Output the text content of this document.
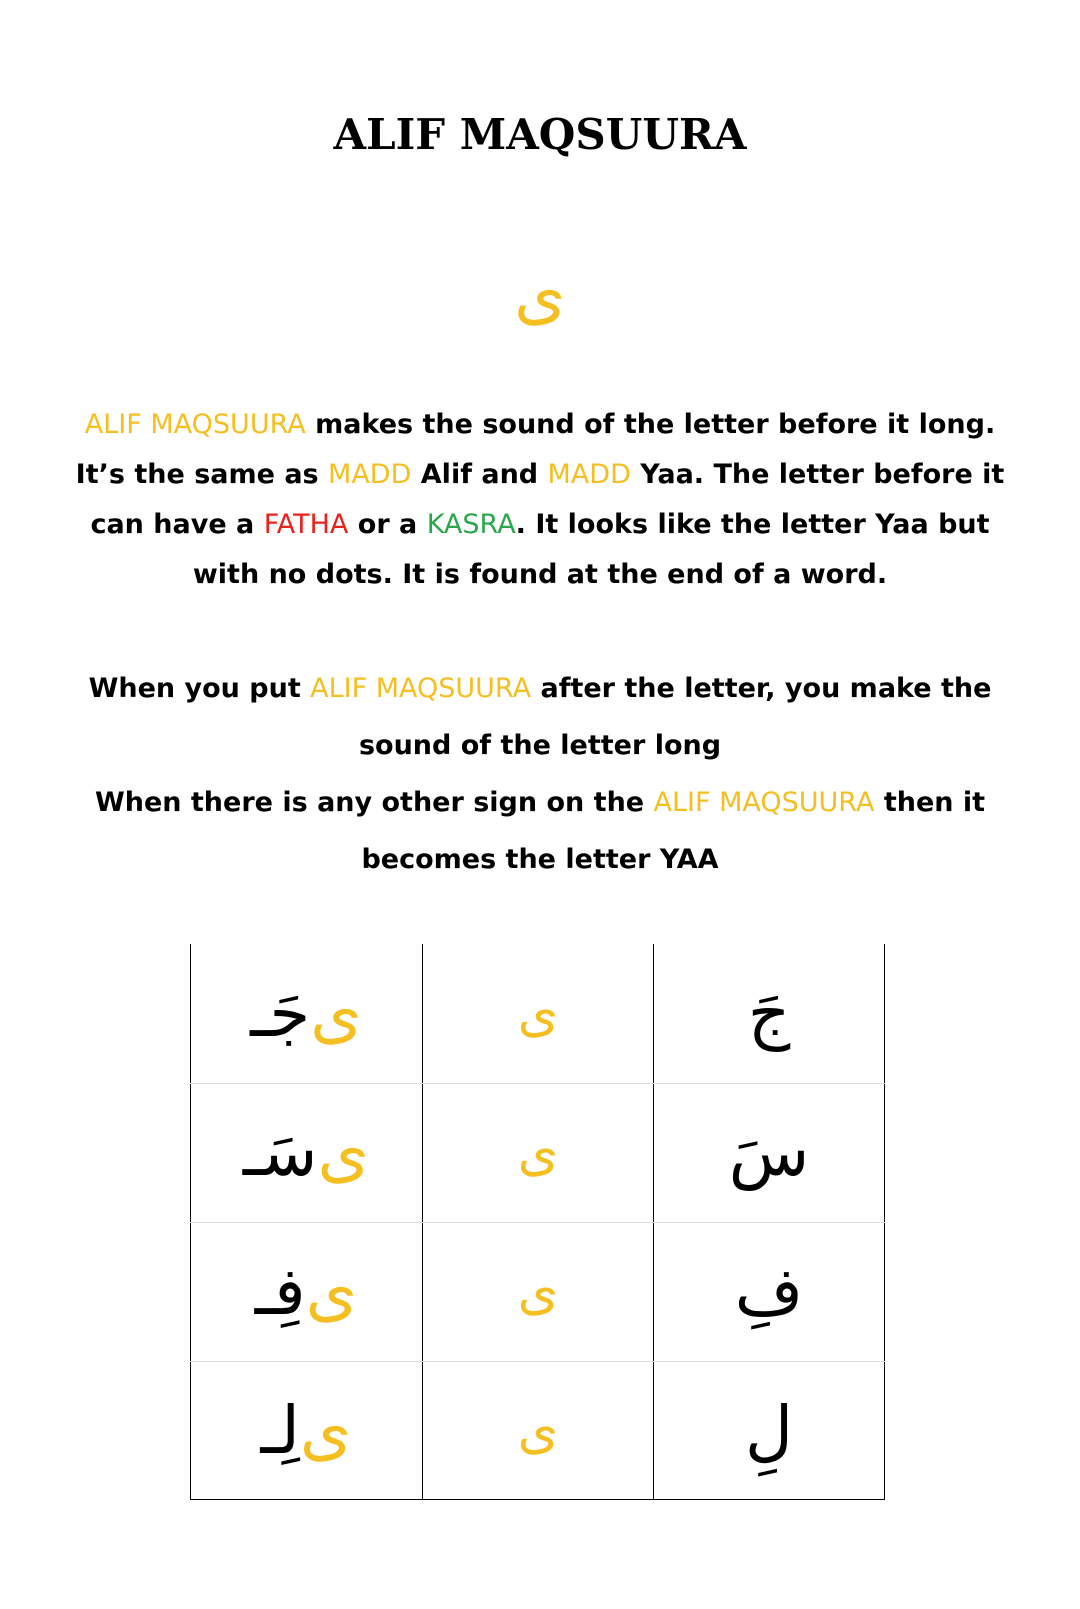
ALIF MAQSUURA
ى

ALIF MAQSUURA makes the sound of the letter before it long. It’s the same as MADD Alif and MADD Yaa. The letter before it can have a FATHA or a KASRA. It looks like the letter Yaa but with no dots. It is found at the end of a word.

When you put ALIF MAQSUURA after the letter, you make the sound of the letter long
When there is any other sign on the ALIF MAQSUURA then it becomes the letter YAA

جَـ ى	ى	جَ
سَـ ى	ى	سَ
فِـ ى	ى	فِ
لِـ ى	ى	لِ
